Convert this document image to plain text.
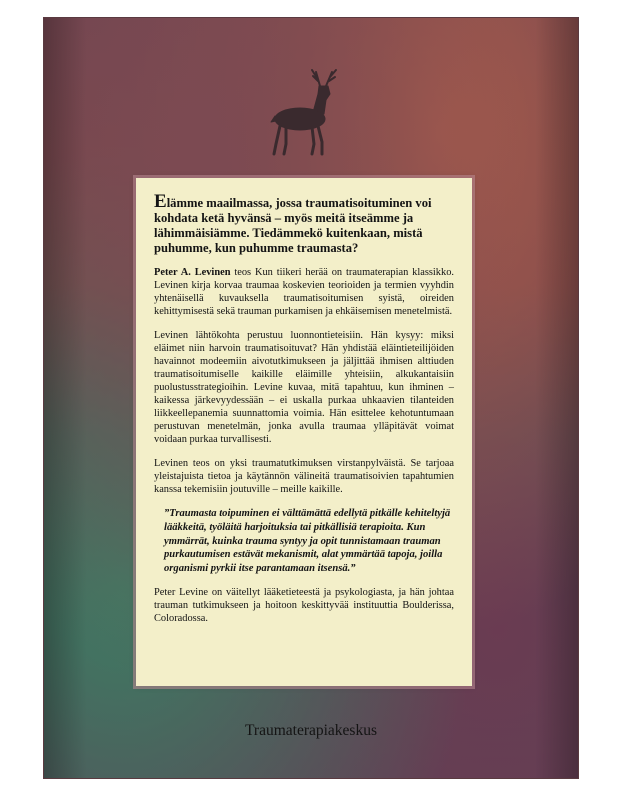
Elämme maailmassa, jossa traumatisoituminen voi kohdata ketä hyvänsä – myös meitä itseämme ja lähimmäisiämme. Tiedämmekö kuitenkaan, mistä puhumme, kun puhumme traumasta?

Peter A. Levinen teos Kun tiikeri herää on traumaterapian klassikko. Levinen kirja korvaa traumaa koskevien teorioiden ja termien vyyhdin yhtenäisellä kuvauksella traumatisoitumisen syistä, oireiden kehittymisestä sekä trauman purkamisen ja ehkäisemisen menetelmistä.

Levinen lähtökohta perustuu luonnontieteisiin. Hän kysyy: miksi eläimet niin harvoin traumatisoituvat? Hän yhdistää eläintieteilijöiden havainnot modeemiin aivotutkimukseen ja jäljittää ihmisen alttiuden traumatisoitumiselle kaikille eläimille yhteisiin, alkukantaisiin puolustusstrategioihin. Levine kuvaa, mitä tapahtuu, kun ihminen – kaikessa järkevyydessään – ei uskalla purkaa uhkaavien tilanteiden liikkeellepanemia suunnattomia voimia. Hän esittelee kehotuntumaan perustuvan menetelmän, jonka avulla traumaa ylläpitävät voimat voidaan purkaa turvallisesti.

Levinen teos on yksi traumatutkimuksen virstanpylväistä. Se tarjoaa yleistajuista tietoa ja käytännön välineitä traumatisoivien tapahtumien kanssa tekemisiin joutuville – meille kaikille.

”Traumasta toipuminen ei välttämättä edellytä pitkälle kehiteltyjä lääkkeitä, työläitä harjoituksia tai pitkällisiä terapioita. Kun ymmärrät, kuinka trauma syntyy ja opit tunnistamaan trauman purkautumisen estävät mekanismit, alat ymmärtää tapoja, joilla organismi pyrkii itse parantamaan itsensä.”

Peter Levine on väitellyt lääketieteestä ja psykologiasta, ja hän johtaa trauman tutkimukseen ja hoitoon keskittyvää instituuttia Boulderissa, Coloradossa.

Traumaterapiakeskus
